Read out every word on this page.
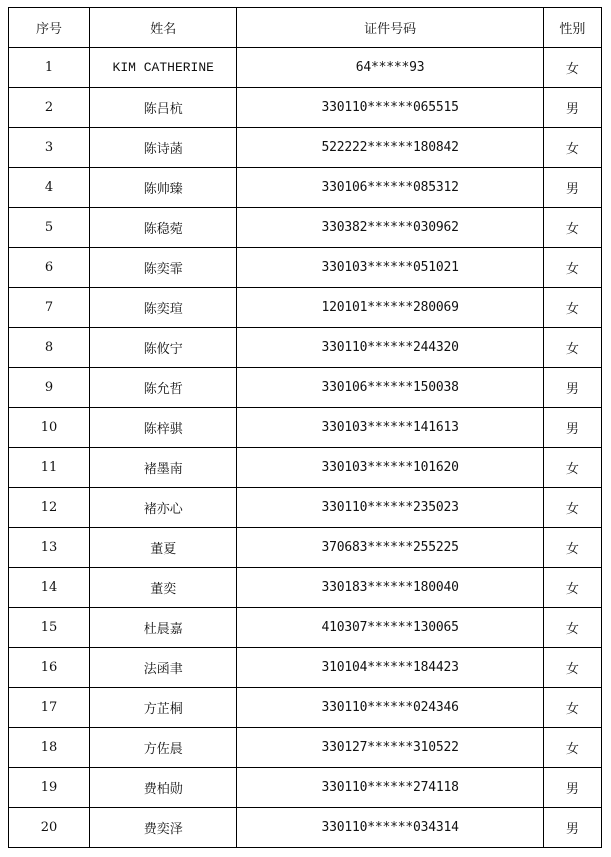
序号	姓名	证件号码	性别
1	KIM CATHERINE	64*****93	女
2	陈吕杭	330110******065515	男
3	陈诗菡	522222******180842	女
4	陈帅臻	330106******085312	男
5	陈稳菀	330382******030962	女
6	陈奕霏	330103******051021	女
7	陈奕瑄	120101******280069	女
8	陈攸宁	330110******244320	女
9	陈允哲	330106******150038	男
10	陈梓骐	330103******141613	男
11	褚墨南	330103******101620	女
12	褚亦心	330110******235023	女
13	董夏	370683******255225	女
14	董奕	330183******180040	女
15	杜晨嘉	410307******130065	女
16	法函聿	310104******184423	女
17	方芷桐	330110******024346	女
18	方佐晨	330127******310522	女
19	费柏勋	330110******274118	男
20	费奕泽	330110******034314	男
